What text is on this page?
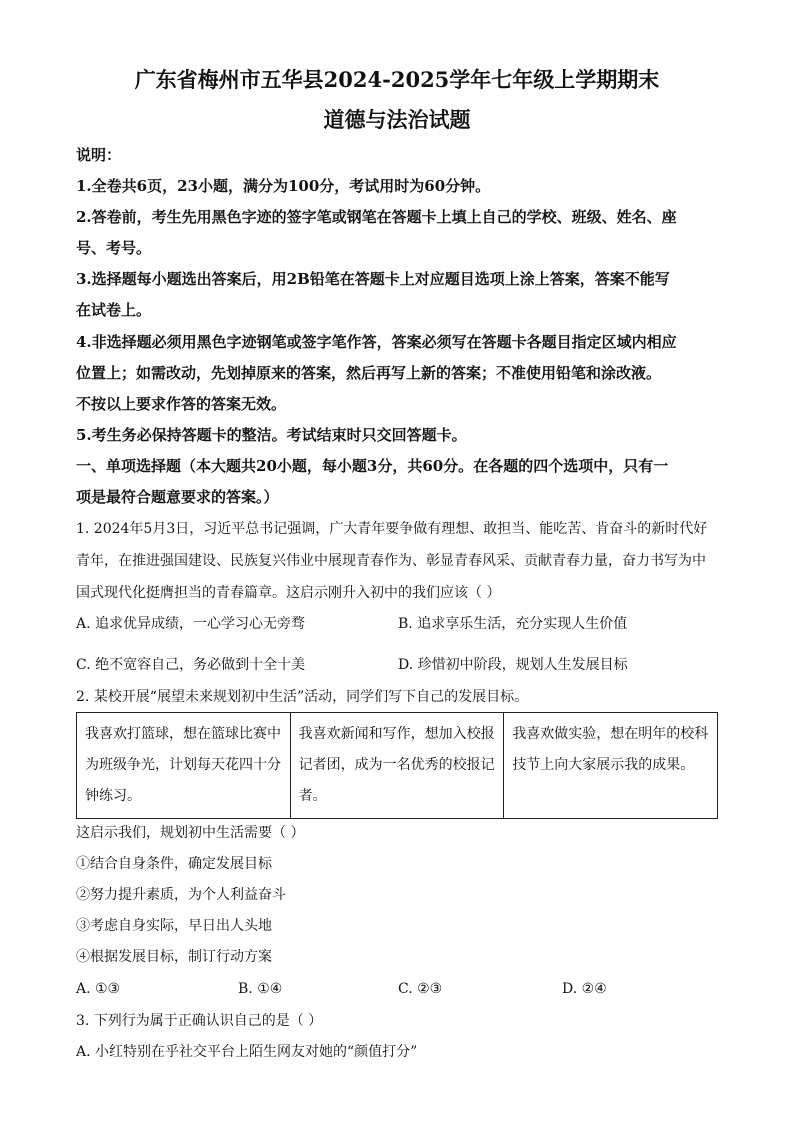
广东省梅州市五华县2024-2025学年七年级上学期期末
道德与法治试题
说明：
1.全卷共6页，23小题，满分为100分，考试用时为60分钟。
2.答卷前，考生先用黑色字迹的签字笔或钢笔在答题卡上填上自己的学校、班级、姓名、座
号、考号。
3.选择题每小题选出答案后，用2B铅笔在答题卡上对应题目选项上涂上答案，答案不能写
在试卷上。
4.非选择题必须用黑色字迹钢笔或签字笔作答，答案必须写在答题卡各题目指定区域内相应
位置上；如需改动，先划掉原来的答案，然后再写上新的答案；不准使用铅笔和涂改液。
不按以上要求作答的答案无效。
5.考生务必保持答题卡的整洁。考试结束时只交回答题卡。
一、单项选择题（本大题共20小题，每小题3分，共60分。在各题的四个选项中，只有一
项是最符合题意要求的答案。）
1. 2024年5月3日，习近平总书记强调，广大青年要争做有理想、敢担当、能吃苦、肯奋斗的新时代好
青年，在推进强国建设、民族复兴伟业中展现青春作为、彰显青春风采、贡献青春力量，奋力书写为中
国式现代化挺膺担当的青春篇章。这启示刚升入初中的我们应该（ ）
A. 追求优异成绩，一心学习心无旁骛	B. 追求享乐生活，充分实现人生价值
C. 绝不宽容自己，务必做到十全十美	D. 珍惜初中阶段，规划人生发展目标
2. 某校开展“展望未来规划初中生活”活动，同学们写下自己的发展目标。
我喜欢打篮球，想在篮球比赛中为班级争光，计划每天花四十分钟练习。	我喜欢新闻和写作，想加入校报记者团，成为一名优秀的校报记者。	我喜欢做实验，想在明年的校科技节上向大家展示我的成果。
这启示我们，规划初中生活需要（ ）
①结合自身条件，确定发展目标
②努力提升素质，为个人利益奋斗
③考虑自身实际，早日出人头地
④根据发展目标，制订行动方案
A. ①③	B. ①④	C. ②③	D. ②④
3. 下列行为属于正确认识自己的是（ ）
A. 小红特别在乎社交平台上陌生网友对她的“颜值打分”
